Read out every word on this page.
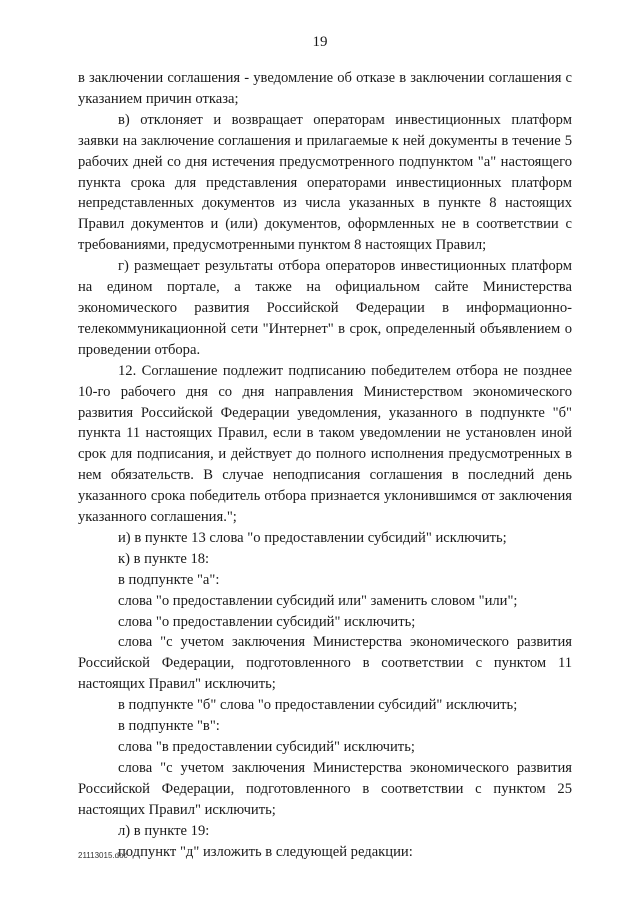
19

в заключении соглашения - уведомление об отказе в заключении соглашения с указанием причин отказа;

в) отклоняет и возвращает операторам инвестиционных платформ заявки на заключение соглашения и прилагаемые к ней документы в течение 5 рабочих дней со дня истечения предусмотренного подпунктом "а" настоящего пункта срока для представления операторами инвестиционных платформ непредставленных документов из числа указанных в пункте 8 настоящих Правил документов и (или) документов, оформленных не в соответствии с требованиями, предусмотренными пунктом 8 настоящих Правил;

г) размещает результаты отбора операторов инвестиционных платформ на едином портале, а также на официальном сайте Министерства экономического развития Российской Федерации в информационно-телекоммуникационной сети "Интернет" в срок, определенный объявлением о проведении отбора.

12. Соглашение подлежит подписанию победителем отбора не позднее 10-го рабочего дня со дня направления Министерством экономического развития Российской Федерации уведомления, указанного в подпункте "б" пункта 11 настоящих Правил, если в таком уведомлении не установлен иной срок для подписания, и действует до полного исполнения предусмотренных в нем обязательств. В случае неподписания соглашения в последний день указанного срока победитель отбора признается уклонившимся от заключения указанного соглашения.";

и) в пункте 13 слова "о предоставлении субсидий" исключить;

к) в пункте 18:

в подпункте "а":

слова "о предоставлении субсидий или" заменить словом "или";

слова "о предоставлении субсидий" исключить;

слова "с учетом заключения Министерства экономического развития Российской Федерации, подготовленного в соответствии с пунктом 11 настоящих Правил" исключить;

в подпункте "б" слова "о предоставлении субсидий" исключить;

в подпункте "в":

слова "в предоставлении субсидий" исключить;

слова "с учетом заключения Министерства экономического развития Российской Федерации, подготовленного в соответствии с пунктом 25 настоящих Правил" исключить;

л) в пункте 19:

подпункт "д" изложить в следующей редакции:

21113015.doc
